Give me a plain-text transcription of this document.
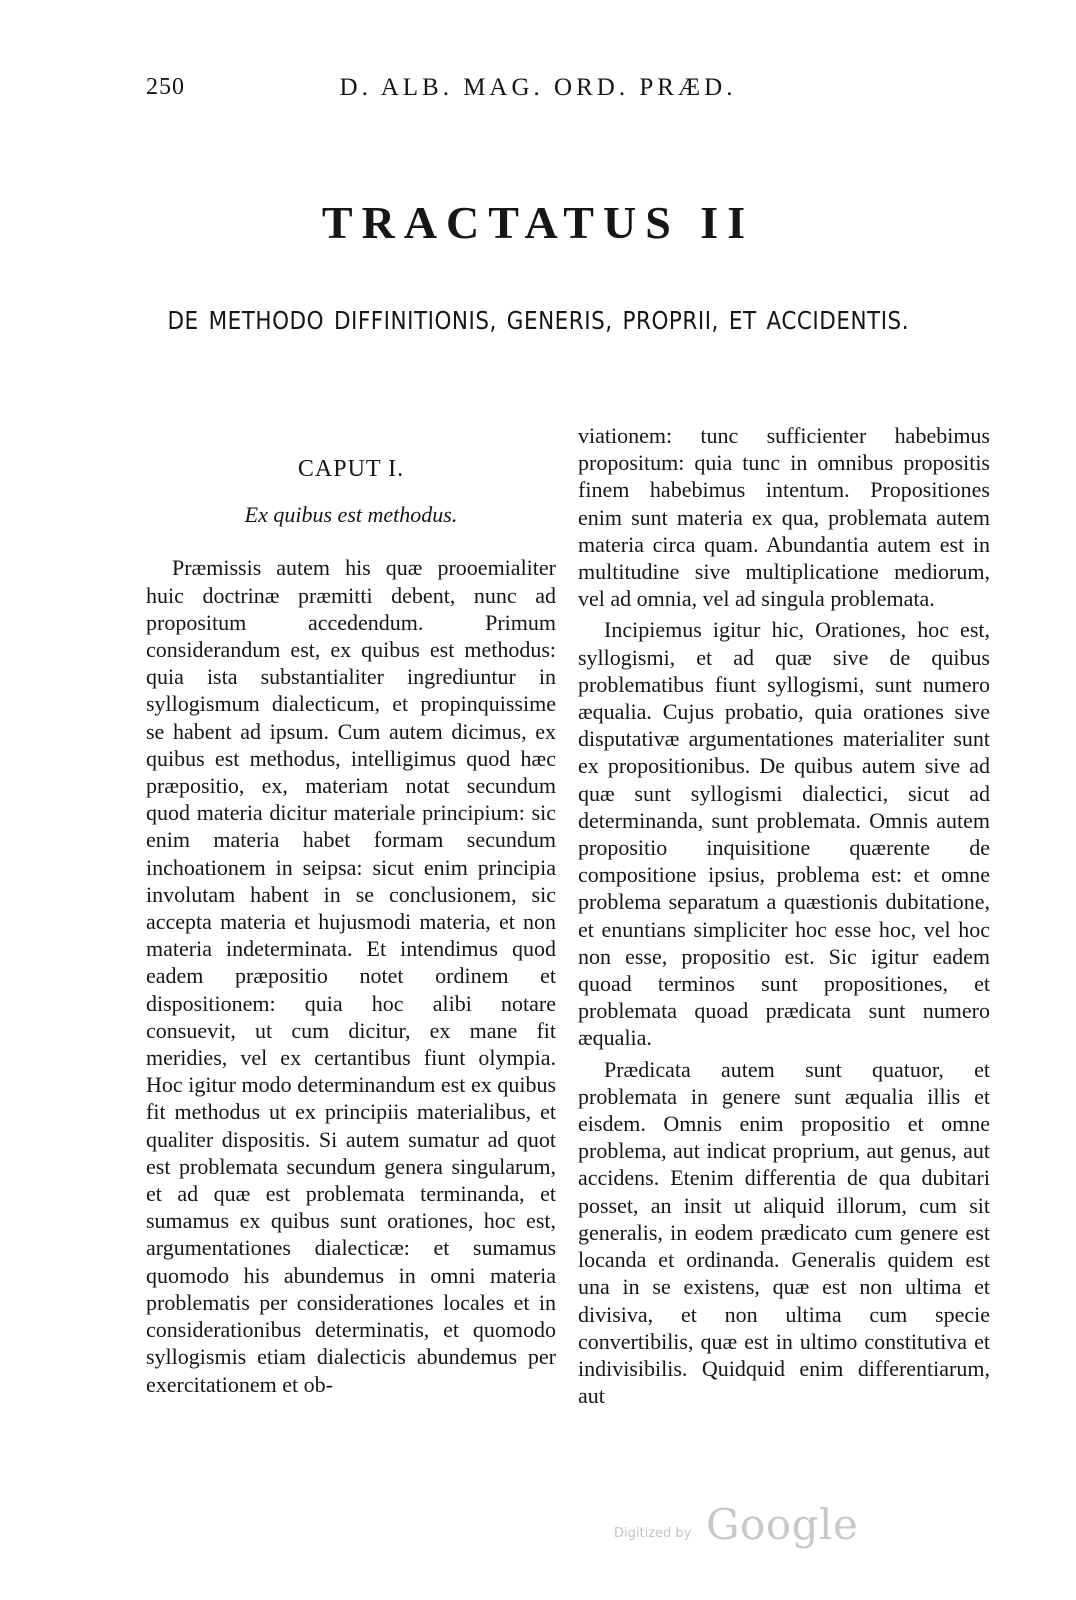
250	D. ALB. MAG. ORD. PRÆD.
TRACTATUS II
DE METHODO DIFFINITIONIS, GENERIS, PROPRII, ET ACCIDENTIS.
CAPUT I.
Ex quibus est methodus.

Præmissis autem his quæ prooemialiter huic doctrinæ præmitti debent, nunc ad propositum accedendum. Primum considerandum est, ex quibus est methodus: quia ista substantialiter ingrediuntur in syllogismum dialecticum, et propinquissime se habent ad ipsum. Cum autem dicimus, ex quibus est methodus, intelligimus quod hæc præpositio, ex, materiam notat secundum quod materia dicitur materiale principium: sic enim materia habet formam secundum inchoationem in seipsa: sicut enim principia involutam habent in se conclusionem, sic accepta materia et hujusmodi materia, et non materia indeterminata. Et intendimus quod eadem præpositio notet ordinem et dispositionem: quia hoc alibi notare consuevit, ut cum dicitur, ex mane fit meridies, vel ex certantibus fiunt olympia. Hoc igitur modo determinandum est ex quibus fit methodus ut ex principiis materialibus, et qualiter dispositis. Si autem sumatur ad quot est problemata secundum genera singularum, et ad quæ est problemata terminanda, et sumamus ex quibus sunt orationes, hoc est, argumentationes dialecticæ: et sumamus quomodo his abundemus in omni materia problematis per considerationes locales et in considerationibus determinatis, et quomodo syllogismis etiam dialecticis abundemus per exercitationem et ob-

viationem: tunc sufficienter habebimus propositum: quia tunc in omnibus propositis finem habebimus intentum. Propositiones enim sunt materia ex qua, problemata autem materia circa quam. Abundantia autem est in multitudine sive multiplicatione mediorum, vel ad omnia, vel ad singula problemata.

Incipiemus igitur hic, Orationes, hoc est, syllogismi, et ad quæ sive de quibus problematibus fiunt syllogismi, sunt numero æqualia. Cujus probatio, quia orationes sive disputativæ argumentationes materialiter sunt ex propositionibus. De quibus autem sive ad quæ sunt syllogismi dialectici, sicut ad determinanda, sunt problemata. Omnis autem propositio inquisitione quærente de compositione ipsius, problema est: et omne problema separatum a quæstionis dubitatione, et enuntians simpliciter hoc esse hoc, vel hoc non esse, propositio est. Sic igitur eadem quoad terminos sunt propositiones, et problemata quoad prædicata sunt numero æqualia.

Prædicata autem sunt quatuor, et problemata in genere sunt æqualia illis et eisdem. Omnis enim propositio et omne problema, aut indicat proprium, aut genus, aut accidens. Etenim differentia de qua dubitari posset, an insit ut aliquid illorum, cum sit generalis, in eodem prædicato cum genere est locanda et ordinanda. Generalis quidem est una in se existens, quæ est non ultima et divisiva, et non ultima cum specie convertibilis, quæ est in ultimo constitutiva et indivisibilis. Quidquid enim differentiarum, aut

Digitized by Google
